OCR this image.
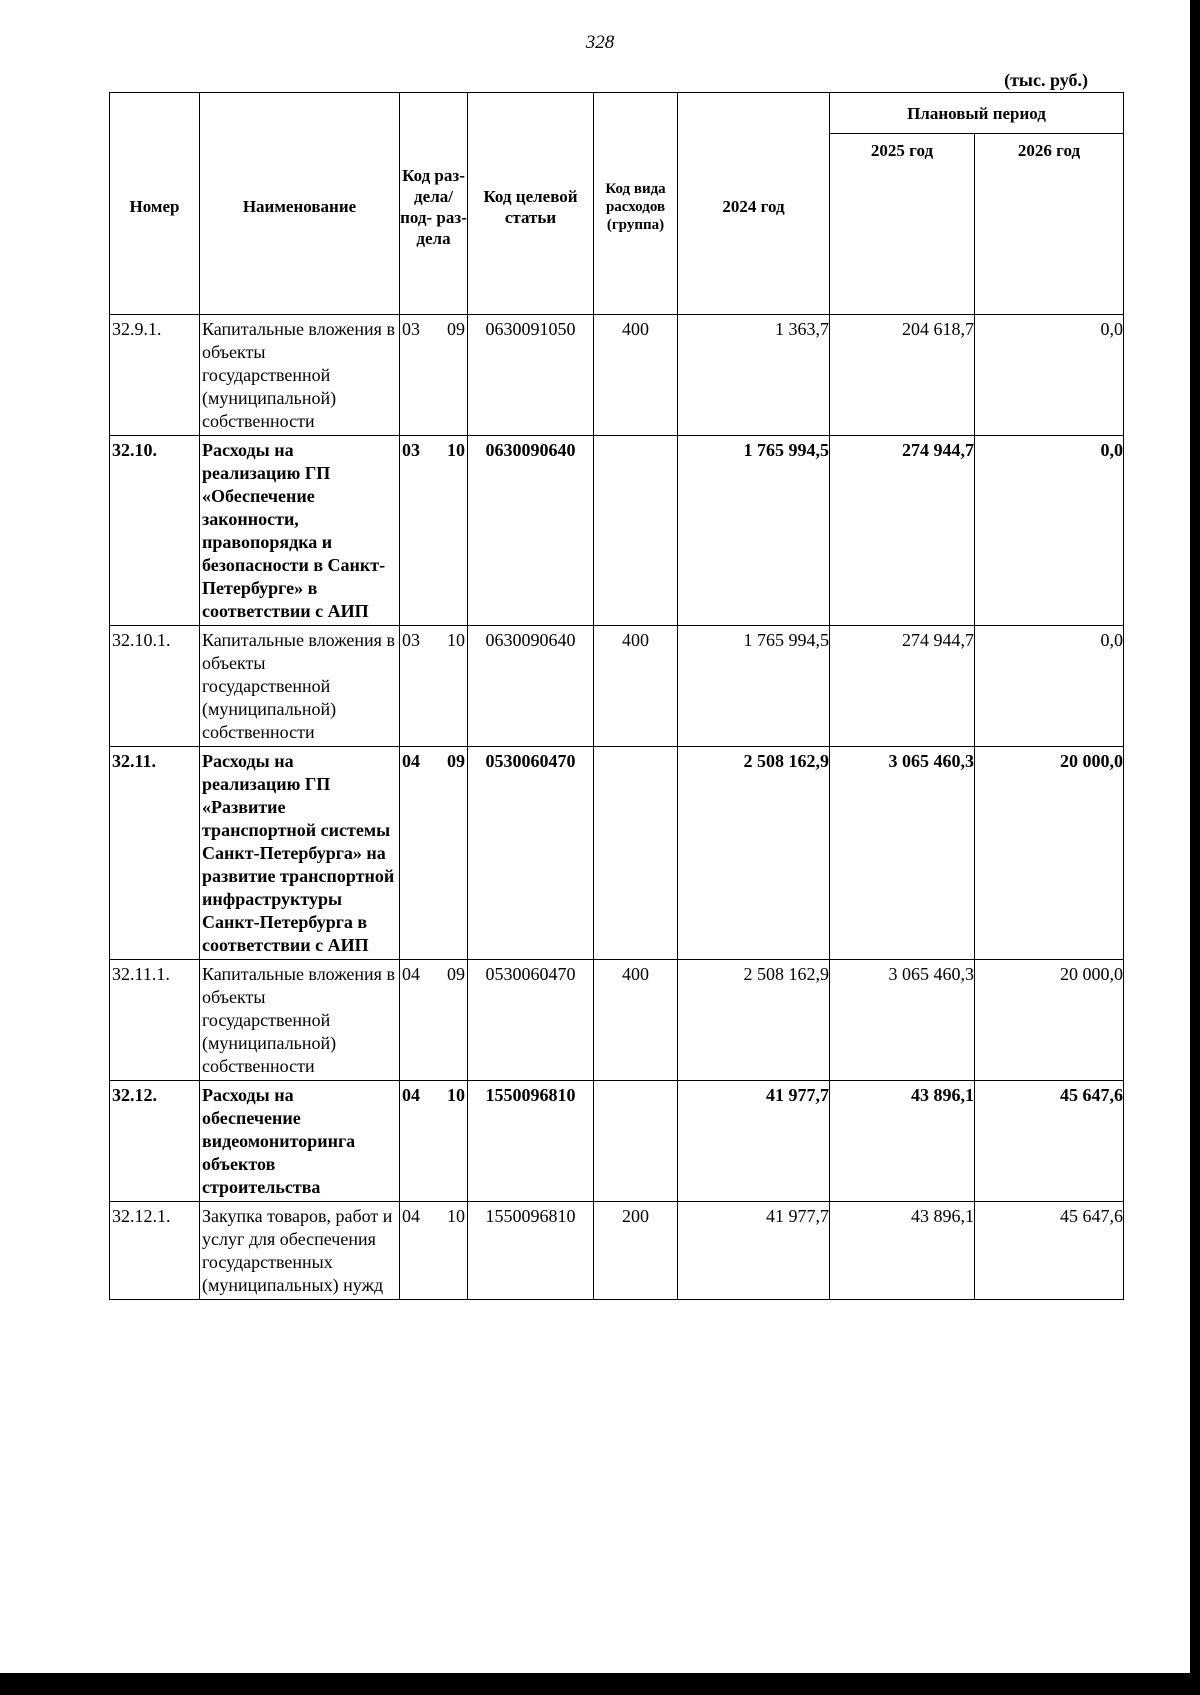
328
(тыс. руб.)
Номер	Наименование	Код раз- дела/ под- раз- дела	Код целевой статьи	Код вида расходов (группа)	2024 год	Плановый период	

						2025 год	2026 год

32.9.1.	Капитальные вложения в объекты государственной (муниципальной) собственности	03 09	0630091050	400	1 363,7	204 618,7	0,0
32.10.	Расходы на реализацию ГП «Обеспечение законности, правопорядка и безопасности в Санкт-Петербурге» в соответствии с АИП	03 10	0630090640		1 765 994,5	274 944,7	0,0
32.10.1.	Капитальные вложения в объекты государственной (муниципальной) собственности	03 10	0630090640	400	1 765 994,5	274 944,7	0,0
32.11.	Расходы на реализацию ГП «Развитие транспортной системы Санкт-Петербурга» на развитие транспортной инфраструктуры Санкт-Петербурга в соответствии с АИП	04 09	0530060470		2 508 162,9	3 065 460,3	20 000,0
32.11.1.	Капитальные вложения в объекты государственной (муниципальной) собственности	04 09	0530060470	400	2 508 162,9	3 065 460,3	20 000,0
32.12.	Расходы на обеспечение видеомониторинга объектов строительства	04 10	1550096810		41 977,7	43 896,1	45 647,6
32.12.1.	Закупка товаров, работ и услуг для обеспечения государственных (муниципальных) нужд	04 10	1550096810	200	41 977,7	43 896,1	45 647,6
